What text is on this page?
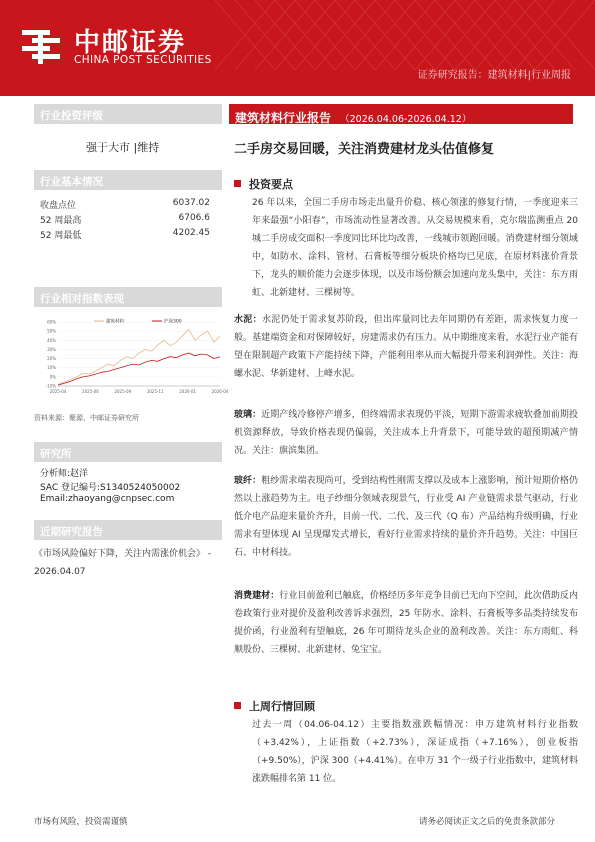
中邮证券
CHINA POST SECURITIES
证券研究报告：建筑材料|行业周报
发布时间：2026-04-13
行业投资评级
强于大市 |维持
行业基本情况
收盘点位	6037.02
52 周最高	6706.6
52 周最低	4202.45
行业相对指数表现
60%
50%
40%
30%
20%
10%
0%
-10%
2025-04	2025-06	2025-09	2025-11	2026-01	2026-04
建筑材料	沪深300
资料来源：聚源，中邮证券研究所
研究所
分析师:赵洋
SAC 登记编号:S1340524050002
Email:zhaoyang@cnpsec.com
近期研究报告
《市场风险偏好下降，关注内需涨价机会》 - 2026.04.07
建筑材料行业报告 （2026.04.06-2026.04.12）
二手房交易回暖，关注消费建材龙头估值修复
投资要点
26 年以来，全国二手房市场走出量升价稳、核心领涨的修复行情，一季度迎来三年来最强“小阳春”，市场流动性显著改善。从交易规模来看，克尔瑞监测重点 20 城二手房成交面积一季度同比环比均改善，一线城市领跑回暖。消费建材细分领域中，如防水、涂料、管材、石膏板等细分板块价格均已见底，在原材料涨价背景下，龙头的顺价能力会逐步体现，以及市场份额会加速向龙头集中，关注：东方雨虹、北新建材、三棵树等。
水泥：水泥仍处于需求复苏阶段，但出库量同比去年同期仍有差距，需求恢复力度一般。基建端资金和对保障较好，房建需求仍有压力。从中期维度来看，水泥行业产能有望在限制超产政策下产能持续下降，产能利用率从而大幅提升带来利润弹性。关注：海螺水泥、华新建材、上峰水泥。
玻璃：近期产线冷修停产增多，但终端需求表现仍平淡，短期下游需求疲软叠加前期投机资源释放，导致价格表现仍偏弱，关注成本上升背景下，可能导致的超预期减产情况。关注：旗滨集团。
玻纤：粗纱需求端表现尚可，受到结构性刚需支撑以及成本上涨影响，预计短期价格仍然以上涨趋势为主。电子纱细分领域表现景气，行业受 AI 产业链需求景气驱动，行业低介电产品迎来量价齐升，目前一代、二代、及三代（Q 布）产品结构升级明确，行业需求有望体现 AI 呈现爆发式增长，看好行业需求持续的量价齐升趋势。关注：中国巨石、中材科技。
消费建材：行业目前盈利已触底，价格经历多年竞争目前已无向下空间，此次借助反内卷政策行业对提价及盈利改善诉求强烈，25 年防水、涂料、石膏板等多品类持续发布提价函，行业盈利有望触底，26 年可期待龙头企业的盈利改善。关注：东方雨虹、科顺股份、三棵树、北新建材、兔宝宝。
上周行情回顾
过去一周（04.06-04.12）主要指数涨跌幅情况：申万建筑材料行业指数（+3.42%），上证指数（+2.73%），深证成指（+7.16%），创业板指（+9.50%），沪深 300（+4.41%）。在申万 31 个一级子行业指数中，建筑材料涨跌幅排名第 11 位。
市场有风险，投资需谨慎	请务必阅读正文之后的免责条款部分
